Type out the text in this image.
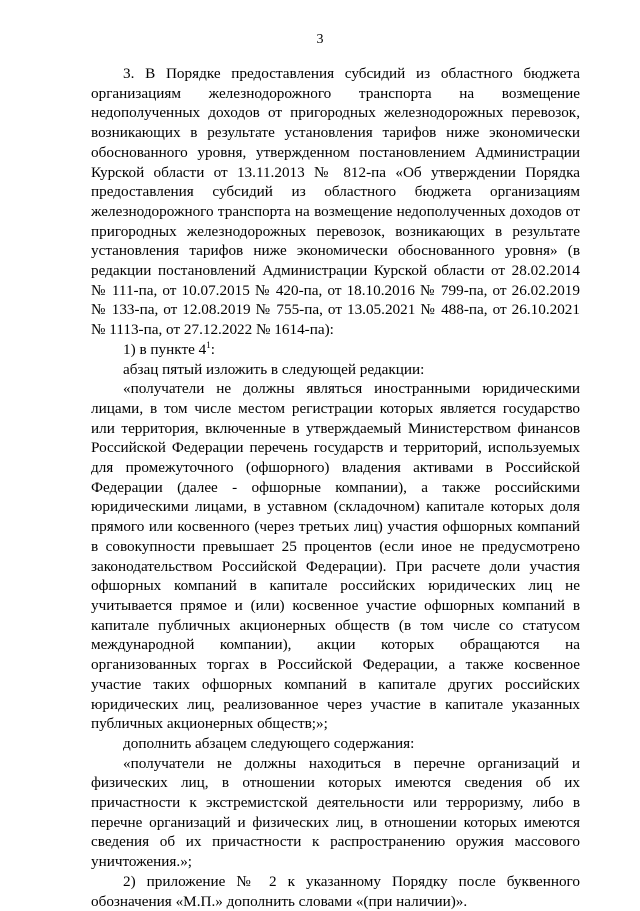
3

3. В Порядке предоставления субсидий из областного бюджета организациям железнодорожного транспорта на возмещение недополученных доходов от пригородных железнодорожных перевозок, возникающих в результате установления тарифов ниже экономически обоснованного уровня, утвержденном постановлением Администрации Курской области от 13.11.2013 № 812-па «Об утверждении Порядка предоставления субсидий из областного бюджета организациям железнодорожного транспорта на возмещение недополученных доходов от пригородных железнодорожных перевозок, возникающих в результате установления тарифов ниже экономически обоснованного уровня» (в редакции постановлений Администрации Курской области от 28.02.2014 № 111-па, от 10.07.2015 № 420-па, от 18.10.2016 № 799-па, от 26.02.2019 № 133-па, от 12.08.2019 № 755-па, от 13.05.2021 № 488-па, от 26.10.2021 № 1113-па, от 27.12.2022 № 1614-па):

1) в пункте $4^1$:

абзац пятый изложить в следующей редакции:

«получатели не должны являться иностранными юридическими лицами, в том числе местом регистрации которых является государство или территория, включенные в утверждаемый Министерством финансов Российской Федерации перечень государств и территорий, используемых для промежуточного (офшорного) владения активами в Российской Федерации (далее - офшорные компании), а также российскими юридическими лицами, в уставном (складочном) капитале которых доля прямого или косвенного (через третьих лиц) участия офшорных компаний в совокупности превышает 25 процентов (если иное не предусмотрено законодательством Российской Федерации). При расчете доли участия офшорных компаний в капитале российских юридических лиц не учитывается прямое и (или) косвенное участие офшорных компаний в капитале публичных акционерных обществ (в том числе со статусом международной компании), акции которых обращаются на организованных торгах в Российской Федерации, а также косвенное участие таких офшорных компаний в капитале других российских юридических лиц, реализованное через участие в капитале указанных публичных акционерных обществ;»;

дополнить абзацем следующего содержания:

«получатели не должны находиться в перечне организаций и физических лиц, в отношении которых имеются сведения об их причастности к экстремистской деятельности или терроризму, либо в перечне организаций и физических лиц, в отношении которых имеются сведения об их причастности к распространению оружия массового уничтожения.»;

2) приложение № 2 к указанному Порядку после буквенного обозначения «М.П.» дополнить словами «(при наличии)».
